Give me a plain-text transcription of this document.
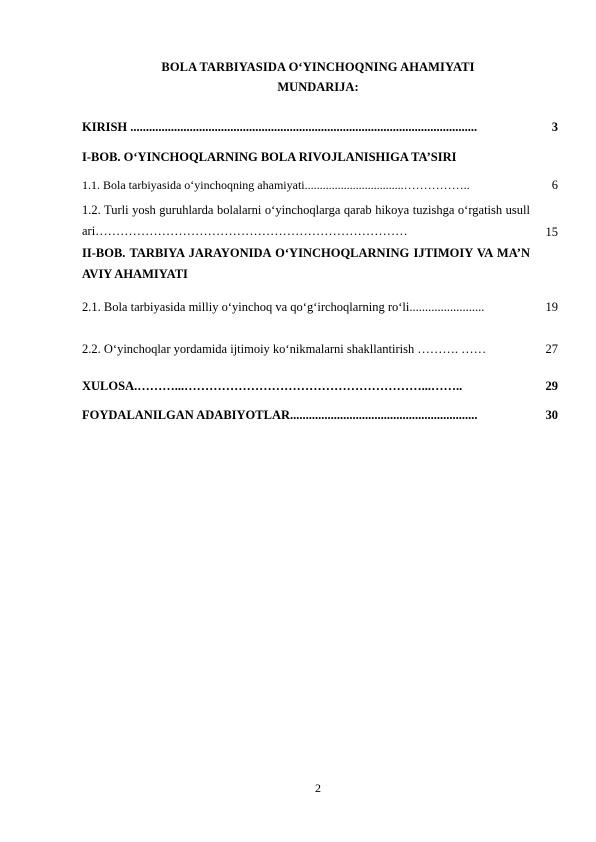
BOLA TARBIYASIDA O‘YINCHOQNING AHAMIYATI
MUNDARIJA:
KIRISH ...............................................................................................................	3
I-BOB. O‘YINCHOQLARNING BOLA RIVOJLANISHIGA TA’SIRI
1.1. Bola tarbiyasida o‘yinchoqning ahamiyati.................................……………..	6
1.2. Turli yosh guruhlarda bolalarni o‘yinchoqlarga qarab hikoya tuzishga o‘rgatish usullari…………………………………………………………………	15
II-BOB. TARBIYA JARAYONIDA O‘YINCHOQLARNING IJTIMOIY VA MA’NAVIY AHAMIYATI
2.1. Bola tarbiyasida milliy o‘yinchoq va qo‘g‘irchoqlarning ro‘li........................	19
2.2. O‘yinchoqlar yordamida ijtimoiy ko‘nikmalarni shakllantirish ………. ……	27
XULOSA.………...…………………………………………………...……..	29
FOYDALANILGAN ADABIYOTLAR............................................................	30
2
